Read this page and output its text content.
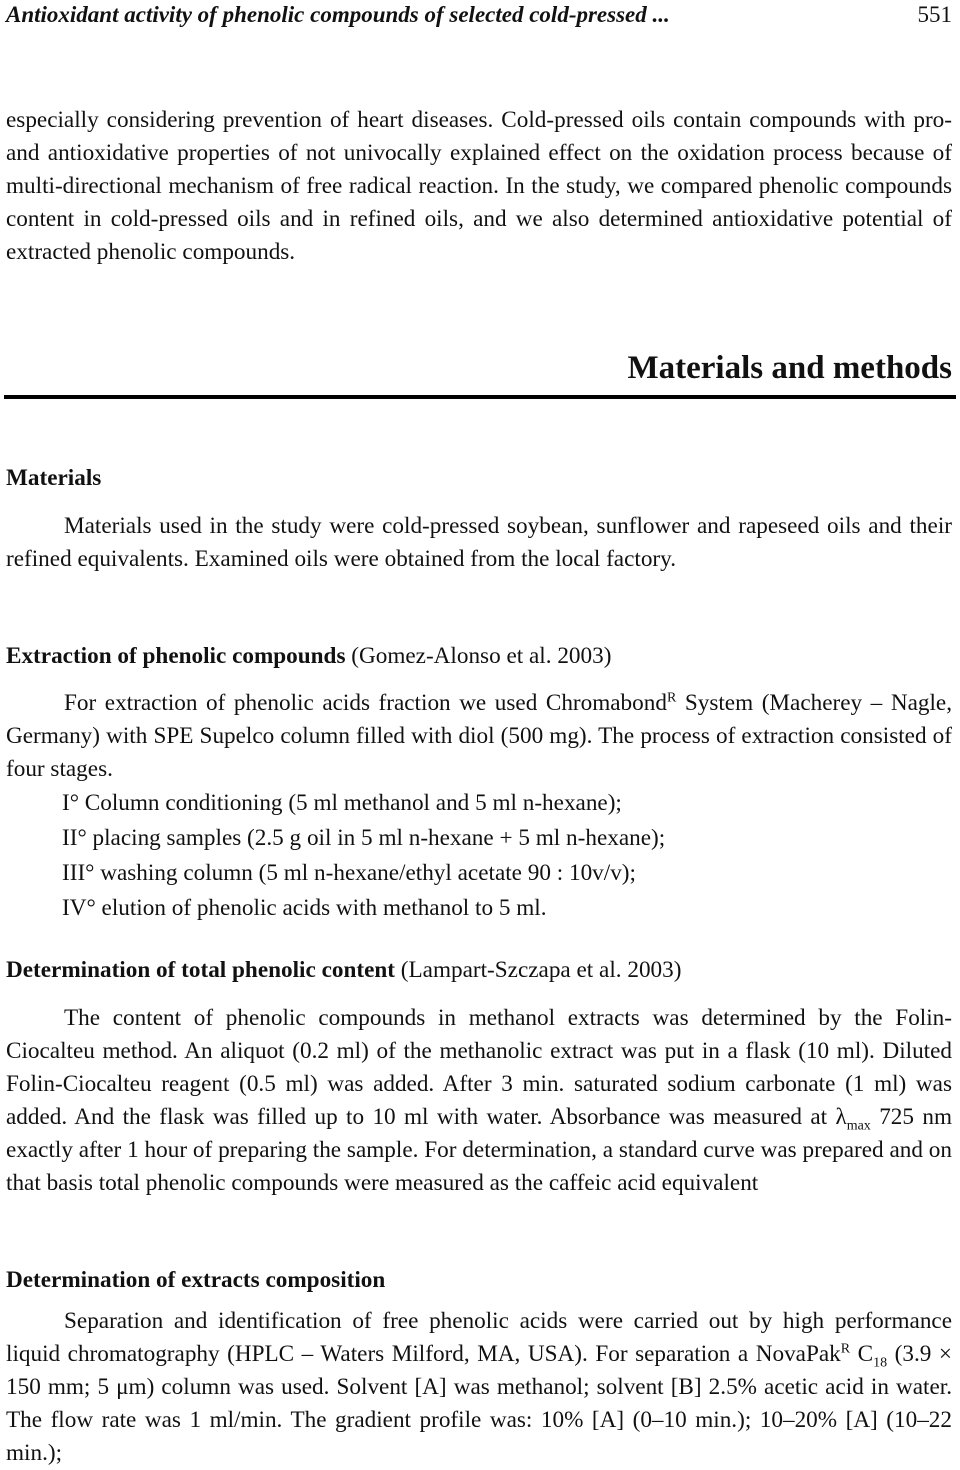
Antioxidant activity of phenolic compounds of selected cold-pressed ...	551

especially considering prevention of heart diseases. Cold-pressed oils contain compounds with pro- and antioxidative properties of not univocally explained effect on the oxidation process because of multi-directional mechanism of free radical reaction. In the study, we compared phenolic compounds content in cold-pressed oils and in refined oils, and we also determined antioxidative potential of extracted phenolic compounds.

Materials and methods
Materials

Materials used in the study were cold-pressed soybean, sunflower and rapeseed oils and their refined equivalents. Examined oils were obtained from the local factory.

Extraction of phenolic compounds (Gomez-Alonso et al. 2003)

For extraction of phenolic acids fraction we used Chromabond$^R$ System (Macherey – Nagle, Germany) with SPE Supelco column filled with diol (500 mg). The process of extraction consisted of four stages.

I° Column conditioning (5 ml methanol and 5 ml n-hexane);
II° placing samples (2.5 g oil in 5 ml n-hexane + 5 ml n-hexane);
III° washing column (5 ml n-hexane/ethyl acetate 90 : 10v/v);
IV° elution of phenolic acids with methanol to 5 ml.
Determination of total phenolic content (Lampart-Szczapa et al. 2003)

The content of phenolic compounds in methanol extracts was determined by the Folin-Ciocalteu method. An aliquot (0.2 ml) of the methanolic extract was put in a flask (10 ml). Diluted Folin-Ciocalteu reagent (0.5 ml) was added. After 3 min. saturated sodium carbonate (1 ml) was added. And the flask was filled up to 10 ml with water. Absorbance was measured at $\lambda_{max}$ 725 nm exactly after 1 hour of preparing the sample. For determination, a standard curve was prepared and on that basis total phenolic compounds were measured as the caffeic acid equivalent

Determination of extracts composition

Separation and identification of free phenolic acids were carried out by high performance liquid chromatography (HPLC – Waters Milford, MA, USA). For separation a NovaPak$^R$ $C_{18}$ (3.9 × 150 mm; 5 μm) column was used. Solvent [A] was methanol; solvent [B] 2.5% acetic acid in water. The flow rate was 1 ml/min. The gradient profile was: 10% [A] (0–10 min.); 10–20% [A] (10–22 min.);
